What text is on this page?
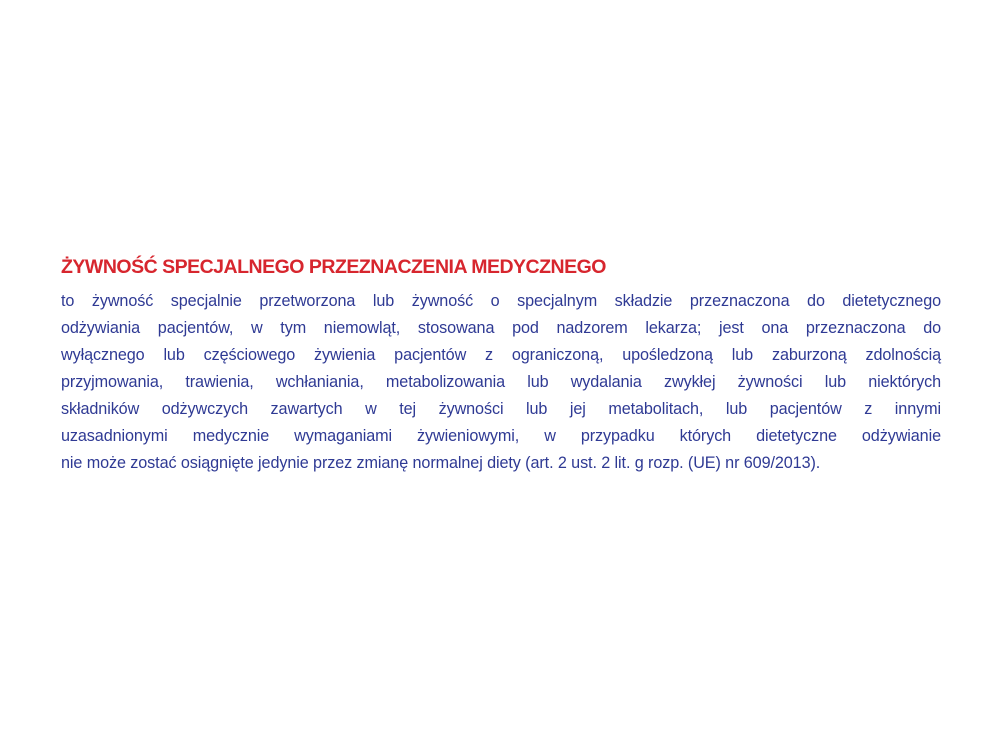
ŻYWNOŚĆ SPECJALNEGO PRZEZNACZENIA MEDYCZNEGO

to żywność specjalnie przetworzona lub żywność o specjalnym składzie przeznaczona do dietetycznego
odżywiania pacjentów, w tym niemowląt, stosowana pod nadzorem lekarza; jest ona przeznaczona do
wyłącznego lub częściowego żywienia pacjentów z ograniczoną, upośledzoną lub zaburzoną zdolnością
przyjmowania, trawienia, wchłaniania, metabolizowania lub wydalania zwykłej żywności lub niektórych
składników odżywczych zawartych w tej żywności lub jej metabolitach, lub pacjentów z innymi
uzasadnionymi medycznie wymaganiami żywieniowymi, w przypadku których dietetyczne odżywianie
nie może zostać osiągnięte jedynie przez zmianę normalnej diety (art. 2 ust. 2 lit. g rozp. (UE) nr 609/2013).
